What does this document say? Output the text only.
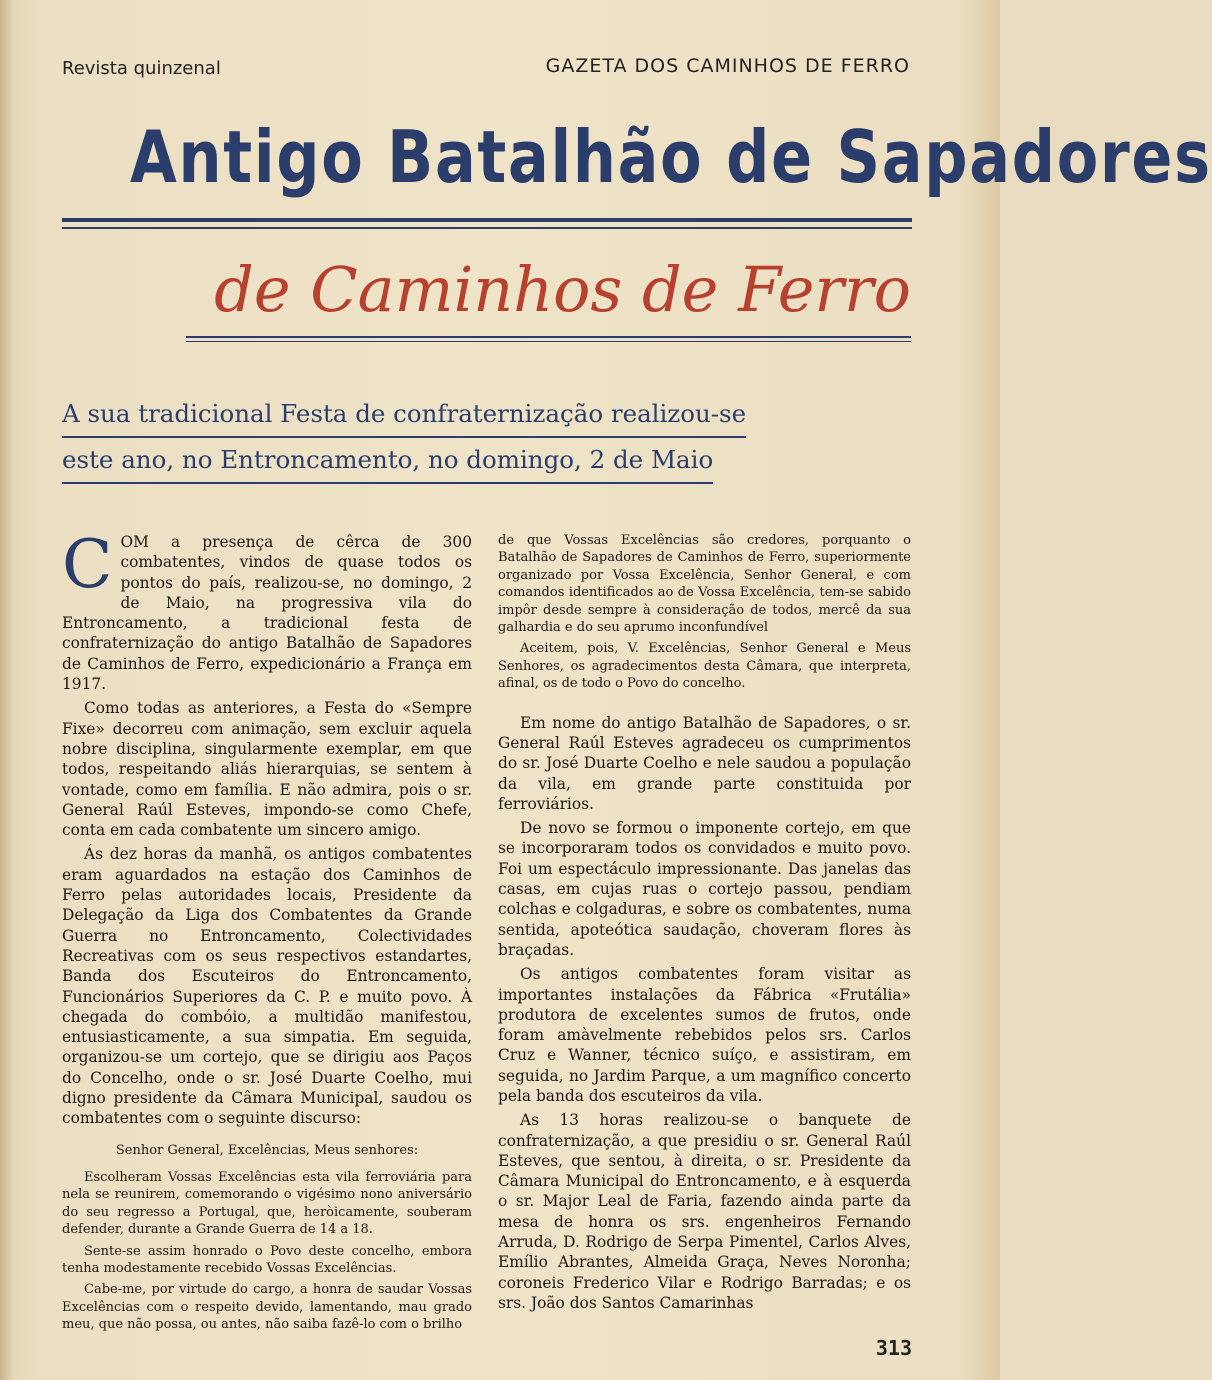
Revista quinzenal	GAZETA DOS CAMINHOS DE FERRO
Antigo Batalhão de Sapadores
de Caminhos de Ferro
A sua tradicional Festa de confraternização realizou-se
este ano, no Entroncamento, no domingo, 2 de Maio

COM a presença de cêrca de 300 combatentes, vindos de quase todos os pontos do país, realizou-se, no domingo, 2 de Maio, na progressiva vila do Entroncamento, a tradicional festa de confraternização do antigo Batalhão de Sapadores de Caminhos de Ferro, expedicionário a França em 1917.

Como todas as anteriores, a Festa do «Sempre Fixe» decorreu com animação, sem excluir aquela nobre disciplina, singularmente exemplar, em que todos, respeitando aliás hierarquias, se sentem à vontade, como em família. E não admira, pois o sr. General Raúl Esteves, impondo-se como Chefe, conta em cada combatente um sincero amigo.

Ás dez horas da manhã, os antigos combatentes eram aguardados na estação dos Caminhos de Ferro pelas autoridades locais, Presidente da Delegação da Liga dos Combatentes da Grande Guerra no Entroncamento, Colectividades Recreativas com os seus respectivos estandartes, Banda dos Escuteiros do Entroncamento, Funcionários Superiores da C. P. e muito povo. À chegada do combóio, a multidão manifestou, entusiasticamente, a sua simpatia. Em seguida, organizou-se um cortejo, que se dirigiu aos Paços do Concelho, onde o sr. José Duarte Coelho, mui digno presidente da Câmara Municipal, saudou os combatentes com o seguinte discurso:

Senhor General, Excelências, Meus senhores:

Escolheram Vossas Excelências esta vila ferroviária para nela se reunirem, comemorando o vigésimo nono aniversário do seu regresso a Portugal, que, heròicamente, souberam defender, durante a Grande Guerra de 14 a 18.

Sente-se assim honrado o Povo deste concelho, embora tenha modestamente recebido Vossas Excelências.

Cabe-me, por virtude do cargo, a honra de saudar Vossas Excelências com o respeito devido, lamentando, mau grado meu, que não possa, ou antes, não saiba fazê-lo com o brilho

de que Vossas Excelências são credores, porquanto o Batalhão de Sapadores de Caminhos de Ferro, superiormente organizado por Vossa Excelência, Senhor General, e com comandos identificados ao de Vossa Excelência, tem-se sabido impôr desde sempre à consideração de todos, mercê da sua galhardia e do seu aprumo inconfundível

Aceitem, pois, V. Excelências, Senhor General e Meus Senhores, os agradecimentos desta Câmara, que interpreta, afinal, os de todo o Povo do concelho.

Em nome do antigo Batalhão de Sapadores, o sr. General Raúl Esteves agradeceu os cumprimentos do sr. José Duarte Coelho e nele saudou a população da vila, em grande parte constituida por ferroviários.

De novo se formou o imponente cortejo, em que se incorporaram todos os convidados e muito povo. Foi um espectáculo impressionante. Das janelas das casas, em cujas ruas o cortejo passou, pendiam colchas e colgaduras, e sobre os combatentes, numa sentida, apoteótica saudação, choveram flores às braçadas.

Os antigos combatentes foram visitar as importantes instalações da Fábrica «Frutália» produtora de excelentes sumos de frutos, onde foram amàvelmente rebebidos pelos srs. Carlos Cruz e Wanner, técnico suíço, e assistiram, em seguida, no Jardim Parque, a um magnífico concerto pela banda dos escuteiros da vila.

As 13 horas realizou-se o banquete de confraternização, a que presidiu o sr. General Raúl Esteves, que sentou, à direita, o sr. Presidente da Câmara Municipal do Entroncamento, e à esquerda o sr. Major Leal de Faria, fazendo ainda parte da mesa de honra os srs. engenheiros Fernando Arruda, D. Rodrigo de Serpa Pimentel, Carlos Alves, Emílio Abrantes, Almeida Graça, Neves Noronha; coroneis Frederico Vilar e Rodrigo Barradas; e os srs. João dos Santos Camarinhas

313
